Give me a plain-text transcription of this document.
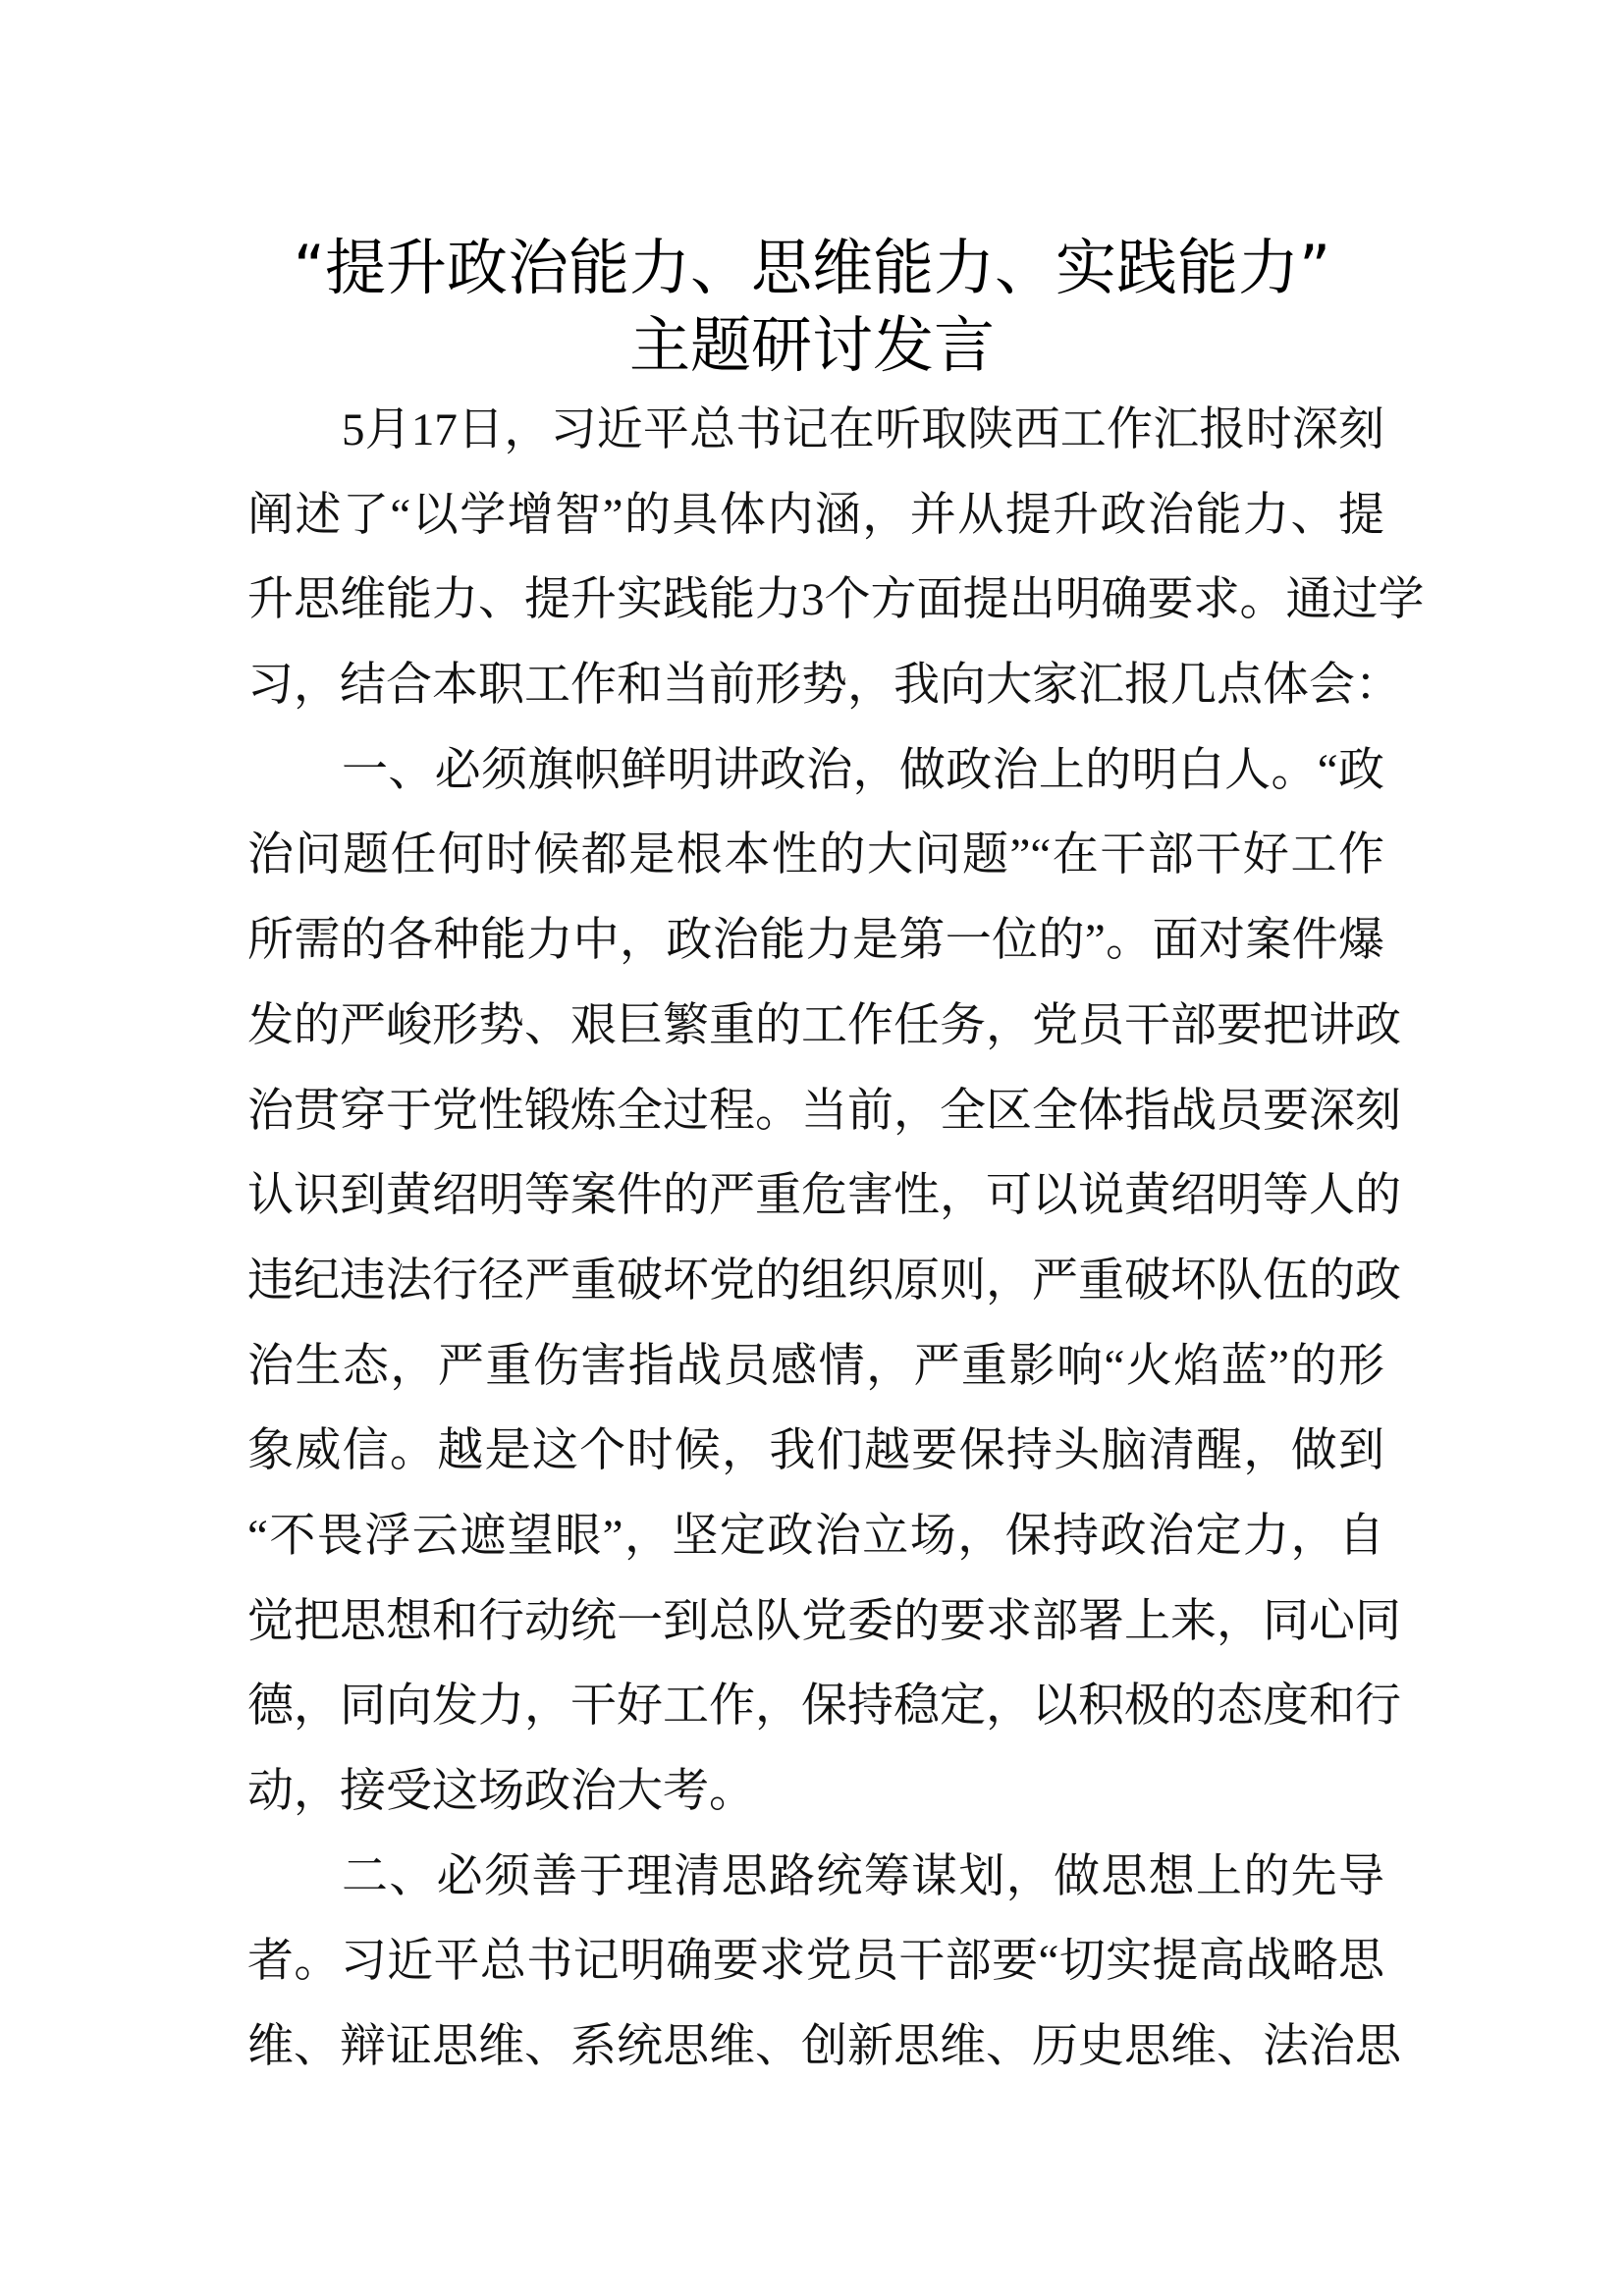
“提升政治能力、思维能力、实践能力”
主题研讨发言
5月17日，习近平总书记在听取陕西工作汇报时深刻
阐述了“以学增智”的具体内涵，并从提升政治能力、提
升思维能力、提升实践能力3个方面提出明确要求。通过学
习，结合本职工作和当前形势，我向大家汇报几点体会：
一、必须旗帜鲜明讲政治，做政治上的明白人。“政
治问题任何时候都是根本性的大问题”“在干部干好工作
所需的各种能力中，政治能力是第一位的”。面对案件爆
发的严峻形势、艰巨繁重的工作任务，党员干部要把讲政
治贯穿于党性锻炼全过程。当前，全区全体指战员要深刻
认识到黄绍明等案件的严重危害性，可以说黄绍明等人的
违纪违法行径严重破坏党的组织原则，严重破坏队伍的政
治生态，严重伤害指战员感情，严重影响“火焰蓝”的形
象威信。越是这个时候，我们越要保持头脑清醒，做到
“不畏浮云遮望眼”，坚定政治立场，保持政治定力，自
觉把思想和行动统一到总队党委的要求部署上来，同心同
德，同向发力，干好工作，保持稳定，以积极的态度和行
动，接受这场政治大考。
二、必须善于理清思路统筹谋划，做思想上的先导
者。习近平总书记明确要求党员干部要“切实提高战略思
维、辩证思维、系统思维、创新思维、历史思维、法治思
